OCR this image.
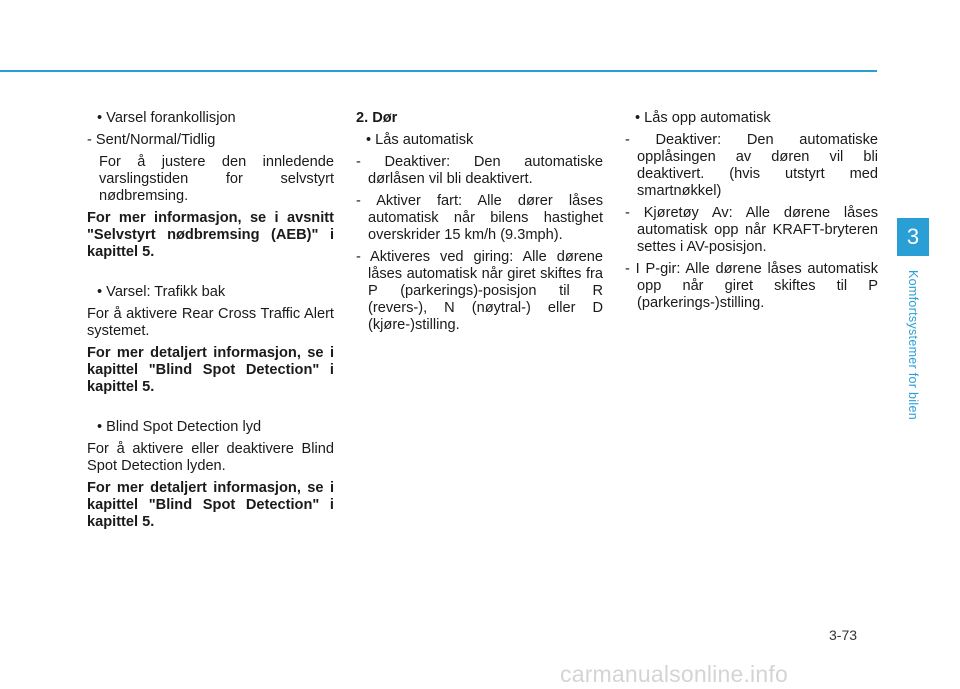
• Varsel forankollisjon

- Sent/Normal/Tidlig

For å justere den innledende varslingstiden for selvstyrt nødbremsing.

For mer informasjon, se i avsnitt "Selvstyrt nødbremsing (AEB)" i kapittel 5.

• Varsel: Trafikk bak

For å aktivere Rear Cross Traffic Alert systemet.

For mer detaljert informasjon, se i kapittel "Blind Spot Detection" i kapittel 5.

• Blind Spot Detection lyd

For å aktivere eller deaktivere Blind Spot Detection lyden.

For mer detaljert informasjon, se i kapittel "Blind Spot Detection" i kapittel 5.

2. Dør

• Lås automatisk

- Deaktiver: Den automatiske dørlåsen vil bli deaktivert.

- Aktiver fart: Alle dører låses automatisk når bilens hastighet overskrider 15 km/h (9.3mph).

- Aktiveres ved giring: Alle dørene låses automatisk når giret skiftes fra P (parkerings)-posisjon til R (revers-), N (nøytral-) eller D (kjøre-)stilling.

• Lås opp automatisk

- Deaktiver: Den automatiske opplåsingen av døren vil bli deaktivert. (hvis utstyrt med smartnøkkel)

- Kjøretøy Av: Alle dørene låses automatisk opp når KRAFT-bryteren settes i AV-posisjon.

- I P-gir: Alle dørene låses automatisk opp når giret skiftes til P (parkerings-)stilling.

3
Komfortsystemer for bilen
3-73
carmanualsonline.info
